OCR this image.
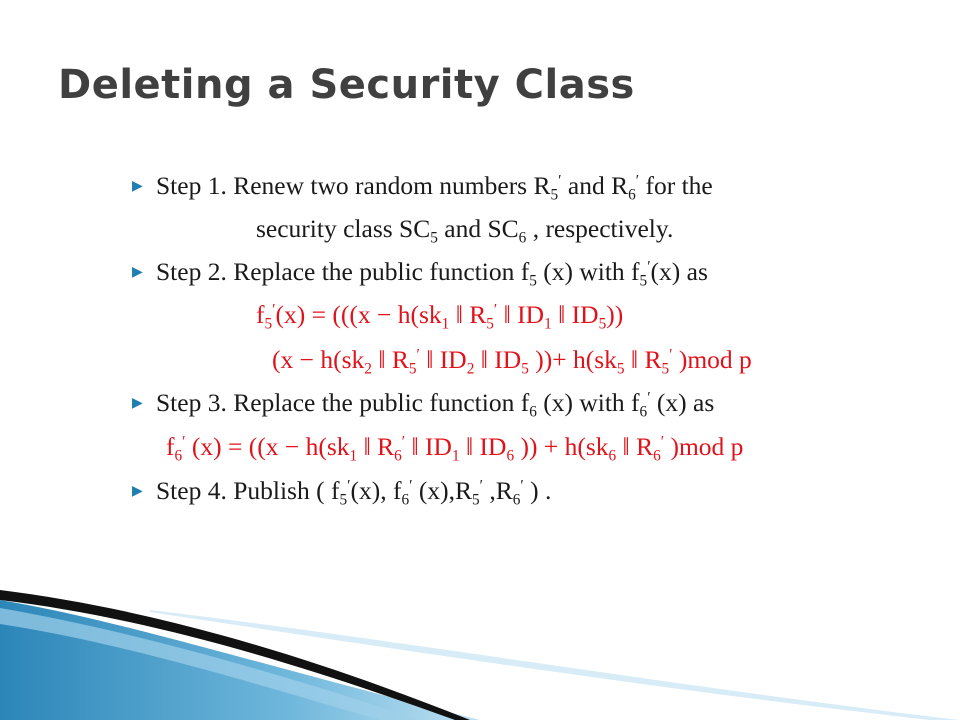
Deleting a Security Class
▶ Step 1. Renew two random numbers $R_5'$ and $R_6'$ for the
security class $SC_5$ and $SC_6$ , respectively.
▶ Step 2. Replace the public function $f_5$ (x) with $f_5'(x)$ as
$f_5'(x) = (((x - h(sk_1$ ‖ $R_5'$ ‖ $ID_1$ ‖ $ID_5$))
($x - h(sk_2$ ‖ $R_5'$ ‖ $ID_2$ ‖ $ID_5$ ))+ $h(sk_5$ ‖ $R_5'$ )mod p
▶ Step 3. Replace the public function $f_6$ (x) with $f_6'$ (x) as
$f_6'$ $(x) = ((x - h(sk_1$ ‖ $R_6'$ ‖ $ID_1$ ‖ $ID_6$ )) + $h(sk_6$ ‖ $R_6'$ )mod p
▶ Step 4. Publish ( $f_5'(x)$, $f_6'$ $(x),R_5'$ $,R_6'$ ) .
